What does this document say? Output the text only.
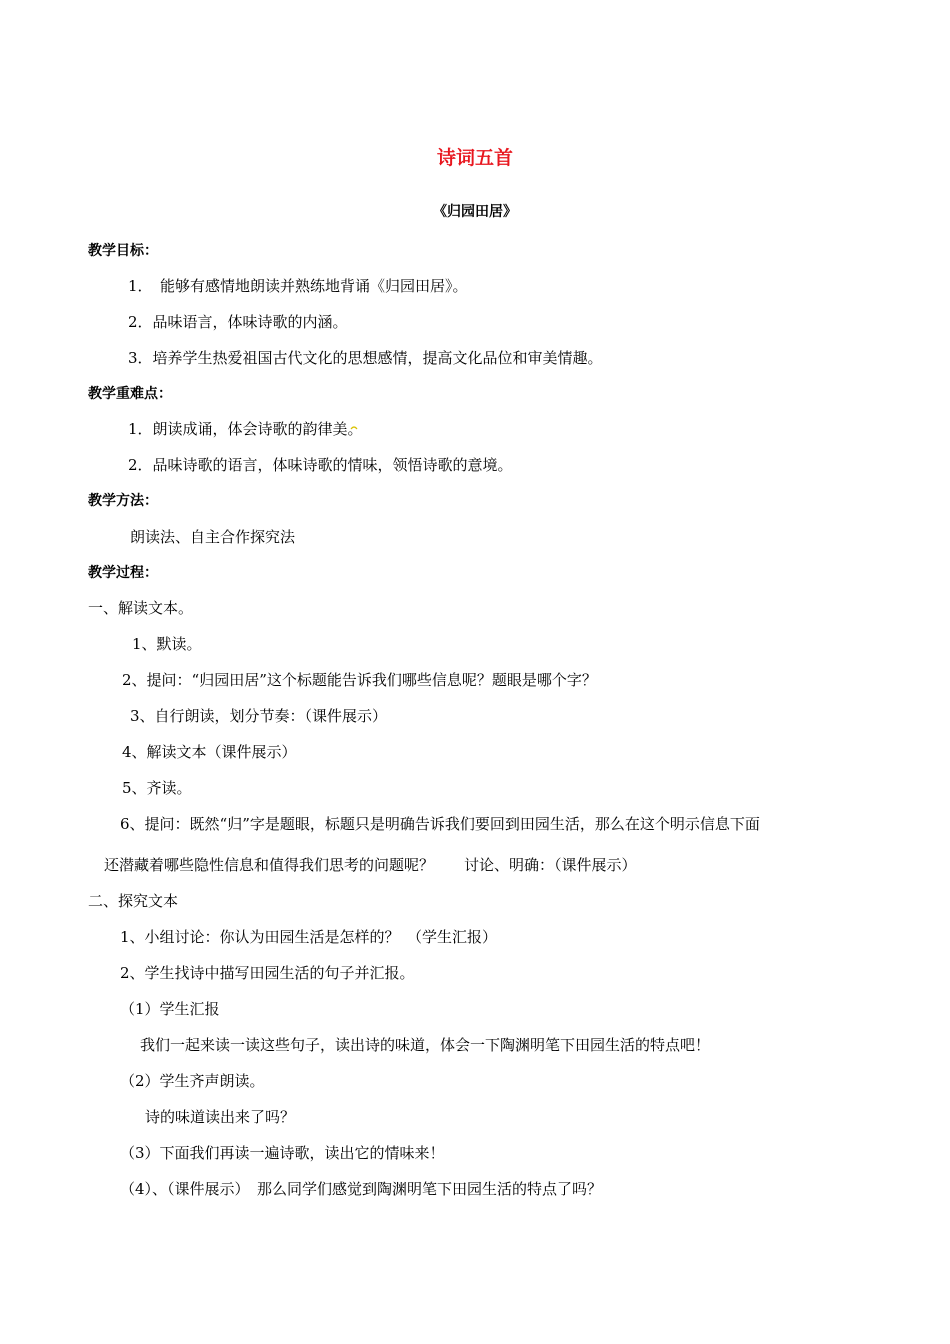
诗词五首
《归园田居》
教学目标：
1．　能够有感情地朗读并熟练地背诵《归园田居》。
2．品味语言，体味诗歌的内涵。
3．培养学生热爱祖国古代文化的思想感情，提高文化品位和审美情趣。
教学重难点：
1．朗读成诵，体会诗歌的韵律美。
2．品味诗歌的语言，体味诗歌的情味，领悟诗歌的意境。
教学方法：
朗读法、自主合作探究法
教学过程：
一、解读文本。
1、默读。
2、提问：“归园田居”这个标题能告诉我们哪些信息呢？题眼是哪个字？
3、自行朗读，划分节奏：（课件展示）
4、解读文本（课件展示）
5、齐读。
6、提问：既然“归”字是题眼，标题只是明确告诉我们要回到田园生活，那么在这个明示信息下面
还潜藏着哪些隐性信息和值得我们思考的问题呢？　　讨论、明确：（课件展示）
二、探究文本
1、小组讨论：你认为田园生活是怎样的？　（学生汇报）
2、学生找诗中描写田园生活的句子并汇报。
（1）学生汇报
我们一起来读一读这些句子，读出诗的味道，体会一下陶渊明笔下田园生活的特点吧！
（2）学生齐声朗读。
诗的味道读出来了吗？
（3）下面我们再读一遍诗歌，读出它的情味来！
（4）、（课件展示）　那么同学们感觉到陶渊明笔下田园生活的特点了吗？
